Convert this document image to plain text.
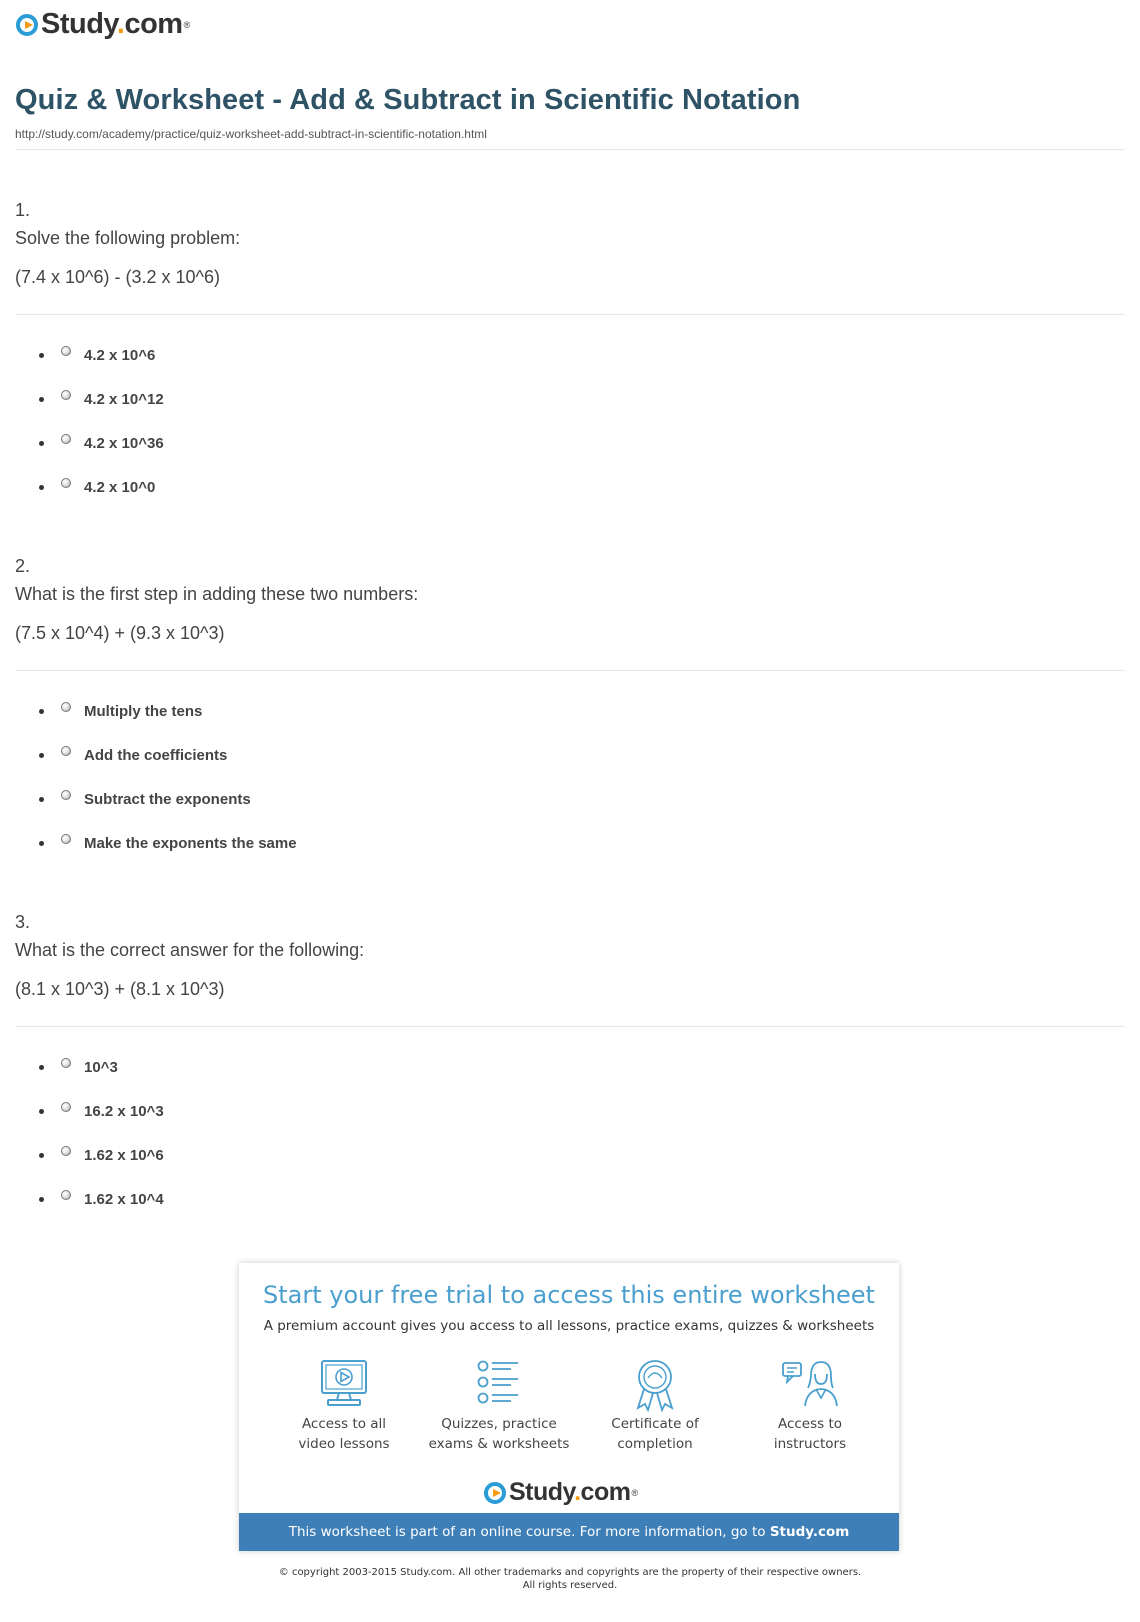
Study.com ®
Quiz & Worksheet - Add & Subtract in Scientific Notation
http://study.com/academy/practice/quiz-worksheet-add-subtract-in-scientific-notation.html
1.
Solve the following problem:
(7.4 x 10^6) - (3.2 x 10^6)
4.2 x 10^6
4.2 x 10^12
4.2 x 10^36
4.2 x 10^0
2.
What is the first step in adding these two numbers:
(7.5 x 10^4) + (9.3 x 10^3)
Multiply the tens
Add the coefficients
Subtract the exponents
Make the exponents the same
3.
What is the correct answer for the following:
(8.1 x 10^3) + (8.1 x 10^3)
10^3
16.2 x 10^3
1.62 x 10^6
1.62 x 10^4
Start your free trial to access this entire worksheet
A premium account gives you access to all lessons, practice exams, quizzes & worksheets
Access to all
video lessons
Quizzes, practice
exams & worksheets
Certificate of
completion
Access to
instructors
Study.com ®
This worksheet is part of an online course. For more information, go to Study.com
© copyright 2003-2015 Study.com. All other trademarks and copyrights are the property of their respective owners.
All rights reserved.
